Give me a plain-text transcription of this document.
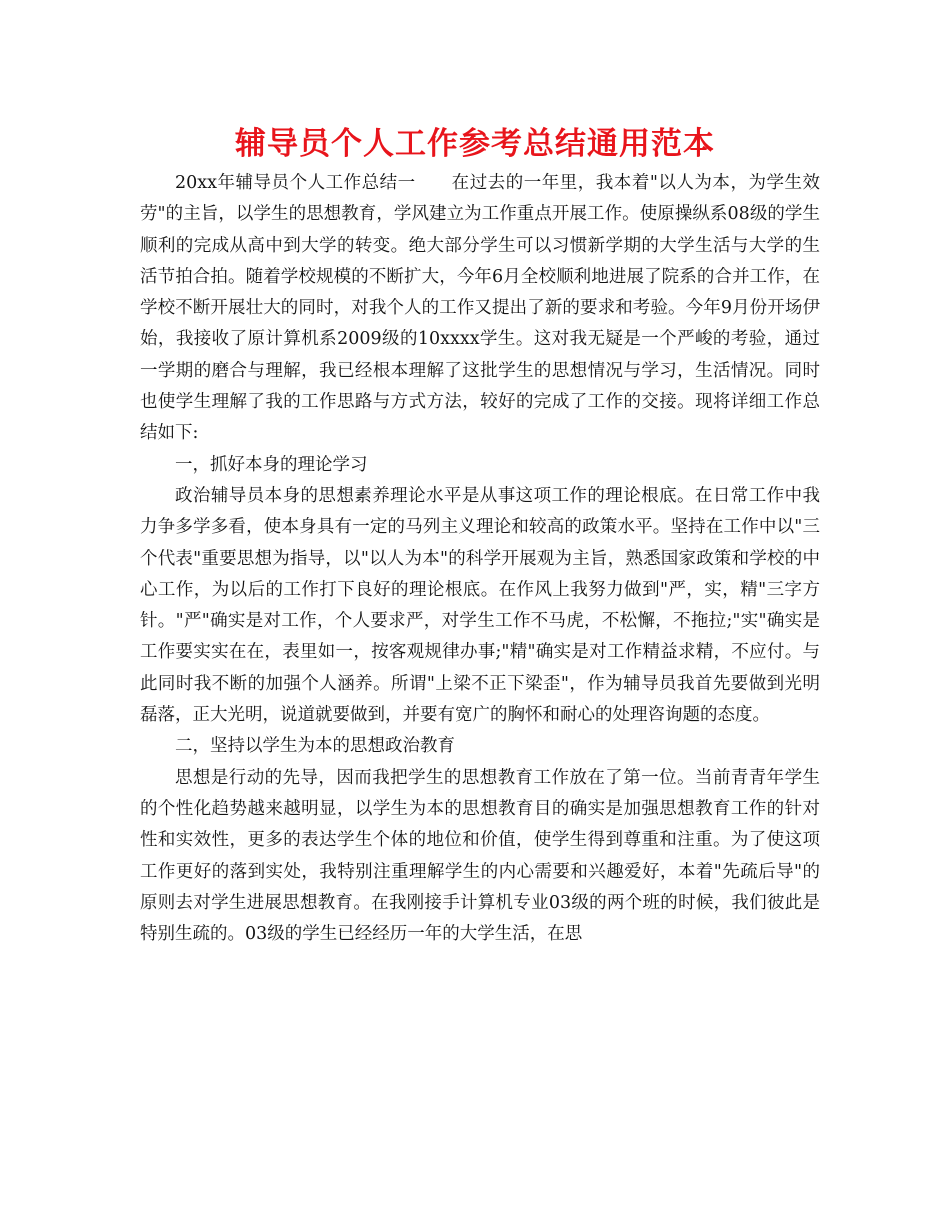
辅导员个人工作参考总结通用范本

20xx年辅导员个人工作总结一　　在过去的一年里，我本着"以人为本，为学生效劳"的主旨，以学生的思想教育，学风建立为工作重点开展工作。使原操纵系08级的学生顺利的完成从高中到大学的转变。绝大部分学生可以习惯新学期的大学生活与大学的生活节拍合拍。随着学校规模的不断扩大，今年6月全校顺利地进展了院系的合并工作，在学校不断开展壮大的同时，对我个人的工作又提出了新的要求和考验。今年9月份开场伊始，我接收了原计算机系2009级的10xxxx学生。这对我无疑是一个严峻的考验，通过一学期的磨合与理解，我已经根本理解了这批学生的思想情况与学习，生活情况。同时也使学生理解了我的工作思路与方式方法，较好的完成了工作的交接。现将详细工作总结如下:

一，抓好本身的理论学习

政治辅导员本身的思想素养理论水平是从事这项工作的理论根底。在日常工作中我力争多学多看，使本身具有一定的马列主义理论和较高的政策水平。坚持在工作中以"三个代表"重要思想为指导，以"以人为本"的科学开展观为主旨，熟悉国家政策和学校的中心工作，为以后的工作打下良好的理论根底。在作风上我努力做到"严，实，精"三字方针。"严"确实是对工作，个人要求严，对学生工作不马虎，不松懈，不拖拉;"实"确实是工作要实实在在，表里如一，按客观规律办事;"精"确实是对工作精益求精，不应付。与此同时我不断的加强个人涵养。所谓"上梁不正下梁歪"，作为辅导员我首先要做到光明磊落，正大光明，说道就要做到，并要有宽广的胸怀和耐心的处理咨询题的态度。

二，坚持以学生为本的思想政治教育

思想是行动的先导，因而我把学生的思想教育工作放在了第一位。当前青青年学生的个性化趋势越来越明显，以学生为本的思想教育目的确实是加强思想教育工作的针对性和实效性，更多的表达学生个体的地位和价值，使学生得到尊重和注重。为了使这项工作更好的落到实处，我特别注重理解学生的内心需要和兴趣爱好，本着"先疏后导"的原则去对学生进展思想教育。在我刚接手计算机专业03级的两个班的时候，我们彼此是特别生疏的。03级的学生已经经历一年的大学生活，在思
